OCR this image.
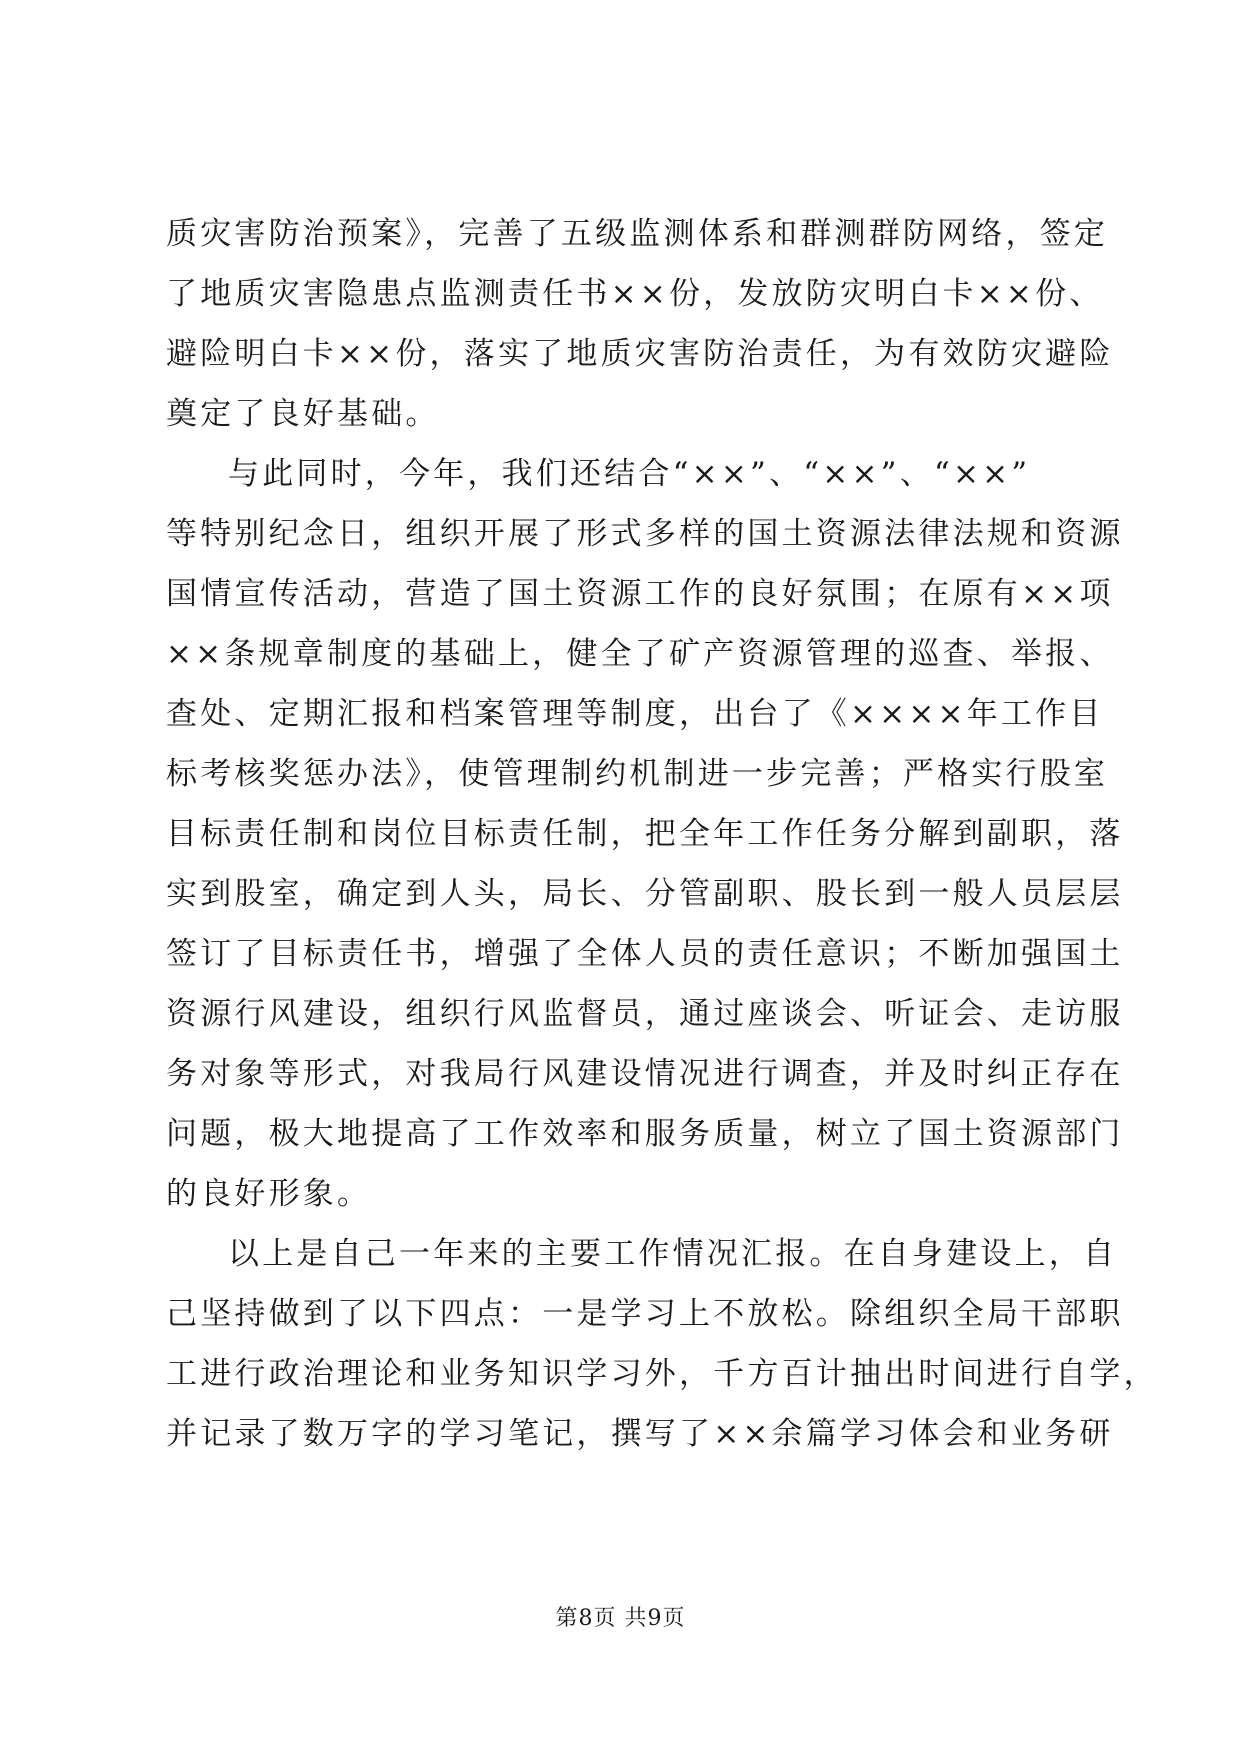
质灾害防治预案》，完善了五级监测体系和群测群防网络，签定
了地质灾害隐患点监测责任书××份，发放防灾明白卡××份、
避险明白卡××份，落实了地质灾害防治责任，为有效防灾避险
奠定了良好基础。
与此同时，今年，我们还结合“××”、“××”、“××”
等特别纪念日，组织开展了形式多样的国土资源法律法规和资源
国情宣传活动，营造了国土资源工作的良好氛围；在原有××项
××条规章制度的基础上，健全了矿产资源管理的巡查、举报、
查处、定期汇报和档案管理等制度，出台了《××××年工作目
标考核奖惩办法》，使管理制约机制进一步完善；严格实行股室
目标责任制和岗位目标责任制，把全年工作任务分解到副职，落
实到股室，确定到人头，局长、分管副职、股长到一般人员层层
签订了目标责任书，增强了全体人员的责任意识；不断加强国土
资源行风建设，组织行风监督员，通过座谈会、听证会、走访服
务对象等形式，对我局行风建设情况进行调查，并及时纠正存在
问题，极大地提高了工作效率和服务质量，树立了国土资源部门
的良好形象。
以上是自己一年来的主要工作情况汇报。在自身建设上，自
己坚持做到了以下四点：一是学习上不放松。除组织全局干部职
工进行政治理论和业务知识学习外，千方百计抽出时间进行自学，
并记录了数万字的学习笔记，撰写了××余篇学习体会和业务研
第8页 共9页
